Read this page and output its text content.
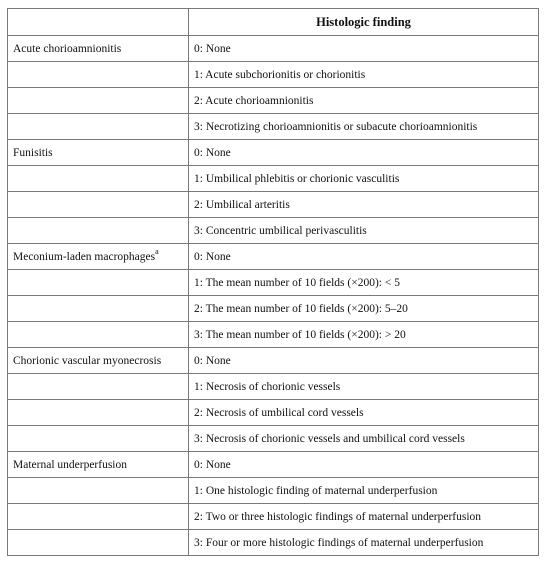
	Histologic finding
Acute chorioamnionitis	0: None
	1: Acute subchorionitis or chorionitis
	2: Acute chorioamnionitis
	3: Necrotizing chorioamnionitis or subacute chorioamnionitis
Funisitis	0: None
	1: Umbilical phlebitis or chorionic vasculitis
	2: Umbilical arteritis
	3: Concentric umbilical perivasculitis
Meconium-laden macrophages$^a$	0: None
	1: The mean number of 10 fields (×200): < 5
	2: The mean number of 10 fields (×200): 5–20
	3: The mean number of 10 fields (×200): > 20
Chorionic vascular myonecrosis	0: None
	1: Necrosis of chorionic vessels
	2: Necrosis of umbilical cord vessels
	3: Necrosis of chorionic vessels and umbilical cord vessels
Maternal underperfusion	0: None
	1: One histologic finding of maternal underperfusion
	2: Two or three histologic findings of maternal underperfusion
	3: Four or more histologic findings of maternal underperfusion
